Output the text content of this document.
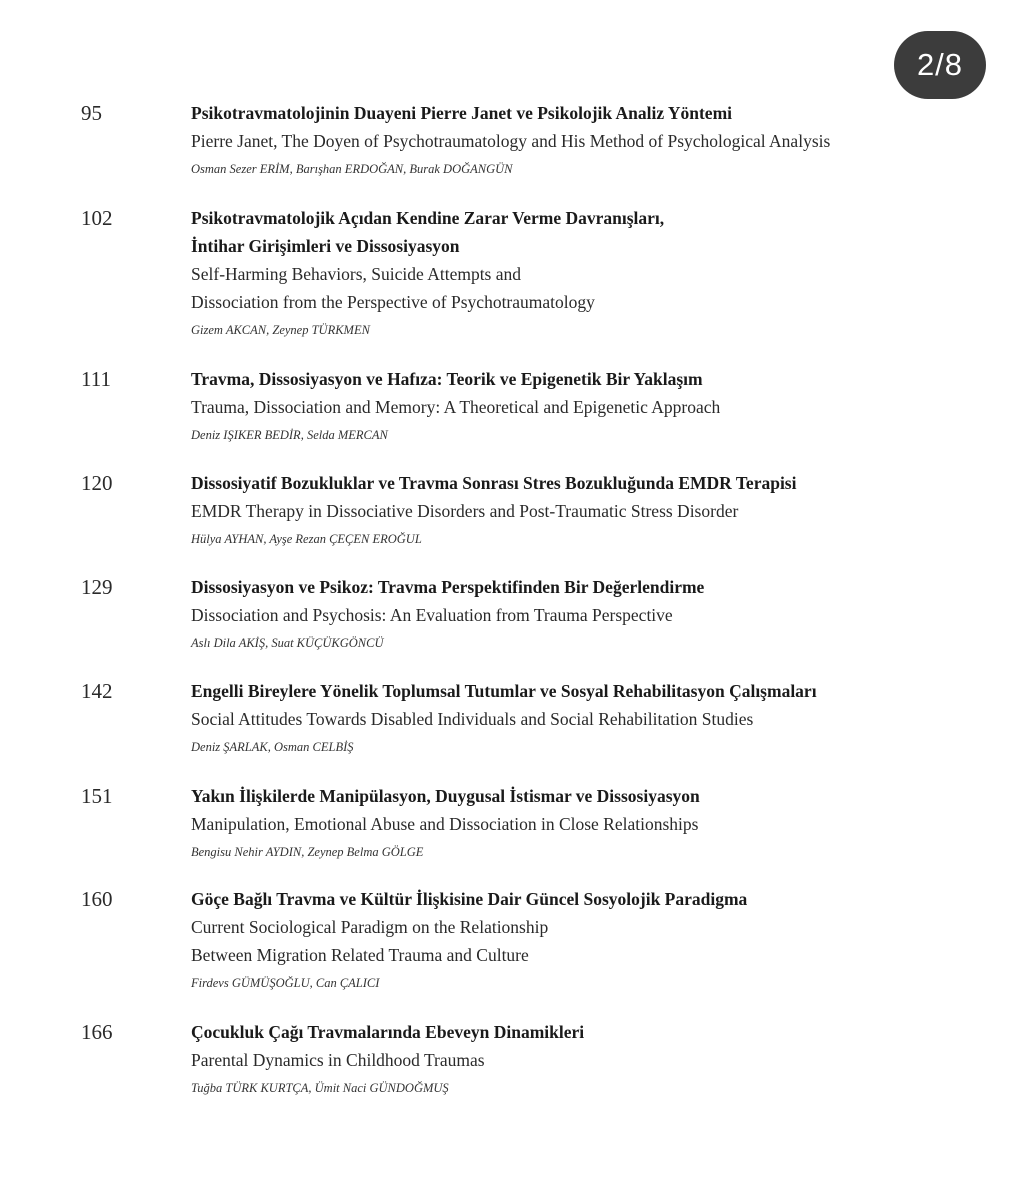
2/8
95	Psikotravmatolojinin Duayeni Pierre Janet ve Psikolojik Analiz Yöntemi
Pierre Janet, The Doyen of Psychotraumatology and His Method of Psychological Analysis
Osman Sezer ERİM, Barışhan ERDOĞAN, Burak DOĞANGÜN
102	Psikotravmatolojik Açıdan Kendine Zarar Verme Davranışları,
İntihar Girişimleri ve Dissosiyasyon
Self-Harming Behaviors, Suicide Attempts and
Dissociation from the Perspective of Psychotraumatology
Gizem AKCAN, Zeynep TÜRKMEN
111	Travma, Dissosiyasyon ve Hafıza: Teorik ve Epigenetik Bir Yaklaşım
Trauma, Dissociation and Memory: A Theoretical and Epigenetic Approach
Deniz IŞIKER BEDİR, Selda MERCAN
120	Dissosiyatif Bozukluklar ve Travma Sonrası Stres Bozukluğunda EMDR Terapisi
EMDR Therapy in Dissociative Disorders and Post-Traumatic Stress Disorder
Hülya AYHAN, Ayşe Rezan ÇEÇEN EROĞUL
129	Dissosiyasyon ve Psikoz: Travma Perspektifinden Bir Değerlendirme
Dissociation and Psychosis: An Evaluation from Trauma Perspective
Aslı Dila AKİŞ, Suat KÜÇÜKGÖNCÜ
142	Engelli Bireylere Yönelik Toplumsal Tutumlar ve Sosyal Rehabilitasyon Çalışmaları
Social Attitudes Towards Disabled Individuals and Social Rehabilitation Studies
Deniz ŞARLAK, Osman CELBİŞ
151	Yakın İlişkilerde Manipülasyon, Duygusal İstismar ve Dissosiyasyon
Manipulation, Emotional Abuse and Dissociation in Close Relationships
Bengisu Nehir AYDIN, Zeynep Belma GÖLGE
160	Göçe Bağlı Travma ve Kültür İlişkisine Dair Güncel Sosyolojik Paradigma
Current Sociological Paradigm on the Relationship
Between Migration Related Trauma and Culture
Firdevs GÜMÜŞOĞLU, Can ÇALICI
166	Çocukluk Çağı Travmalarında Ebeveyn Dinamikleri
Parental Dynamics in Childhood Traumas
Tuğba TÜRK KURTÇA, Ümit Naci GÜNDOĞMUŞ
